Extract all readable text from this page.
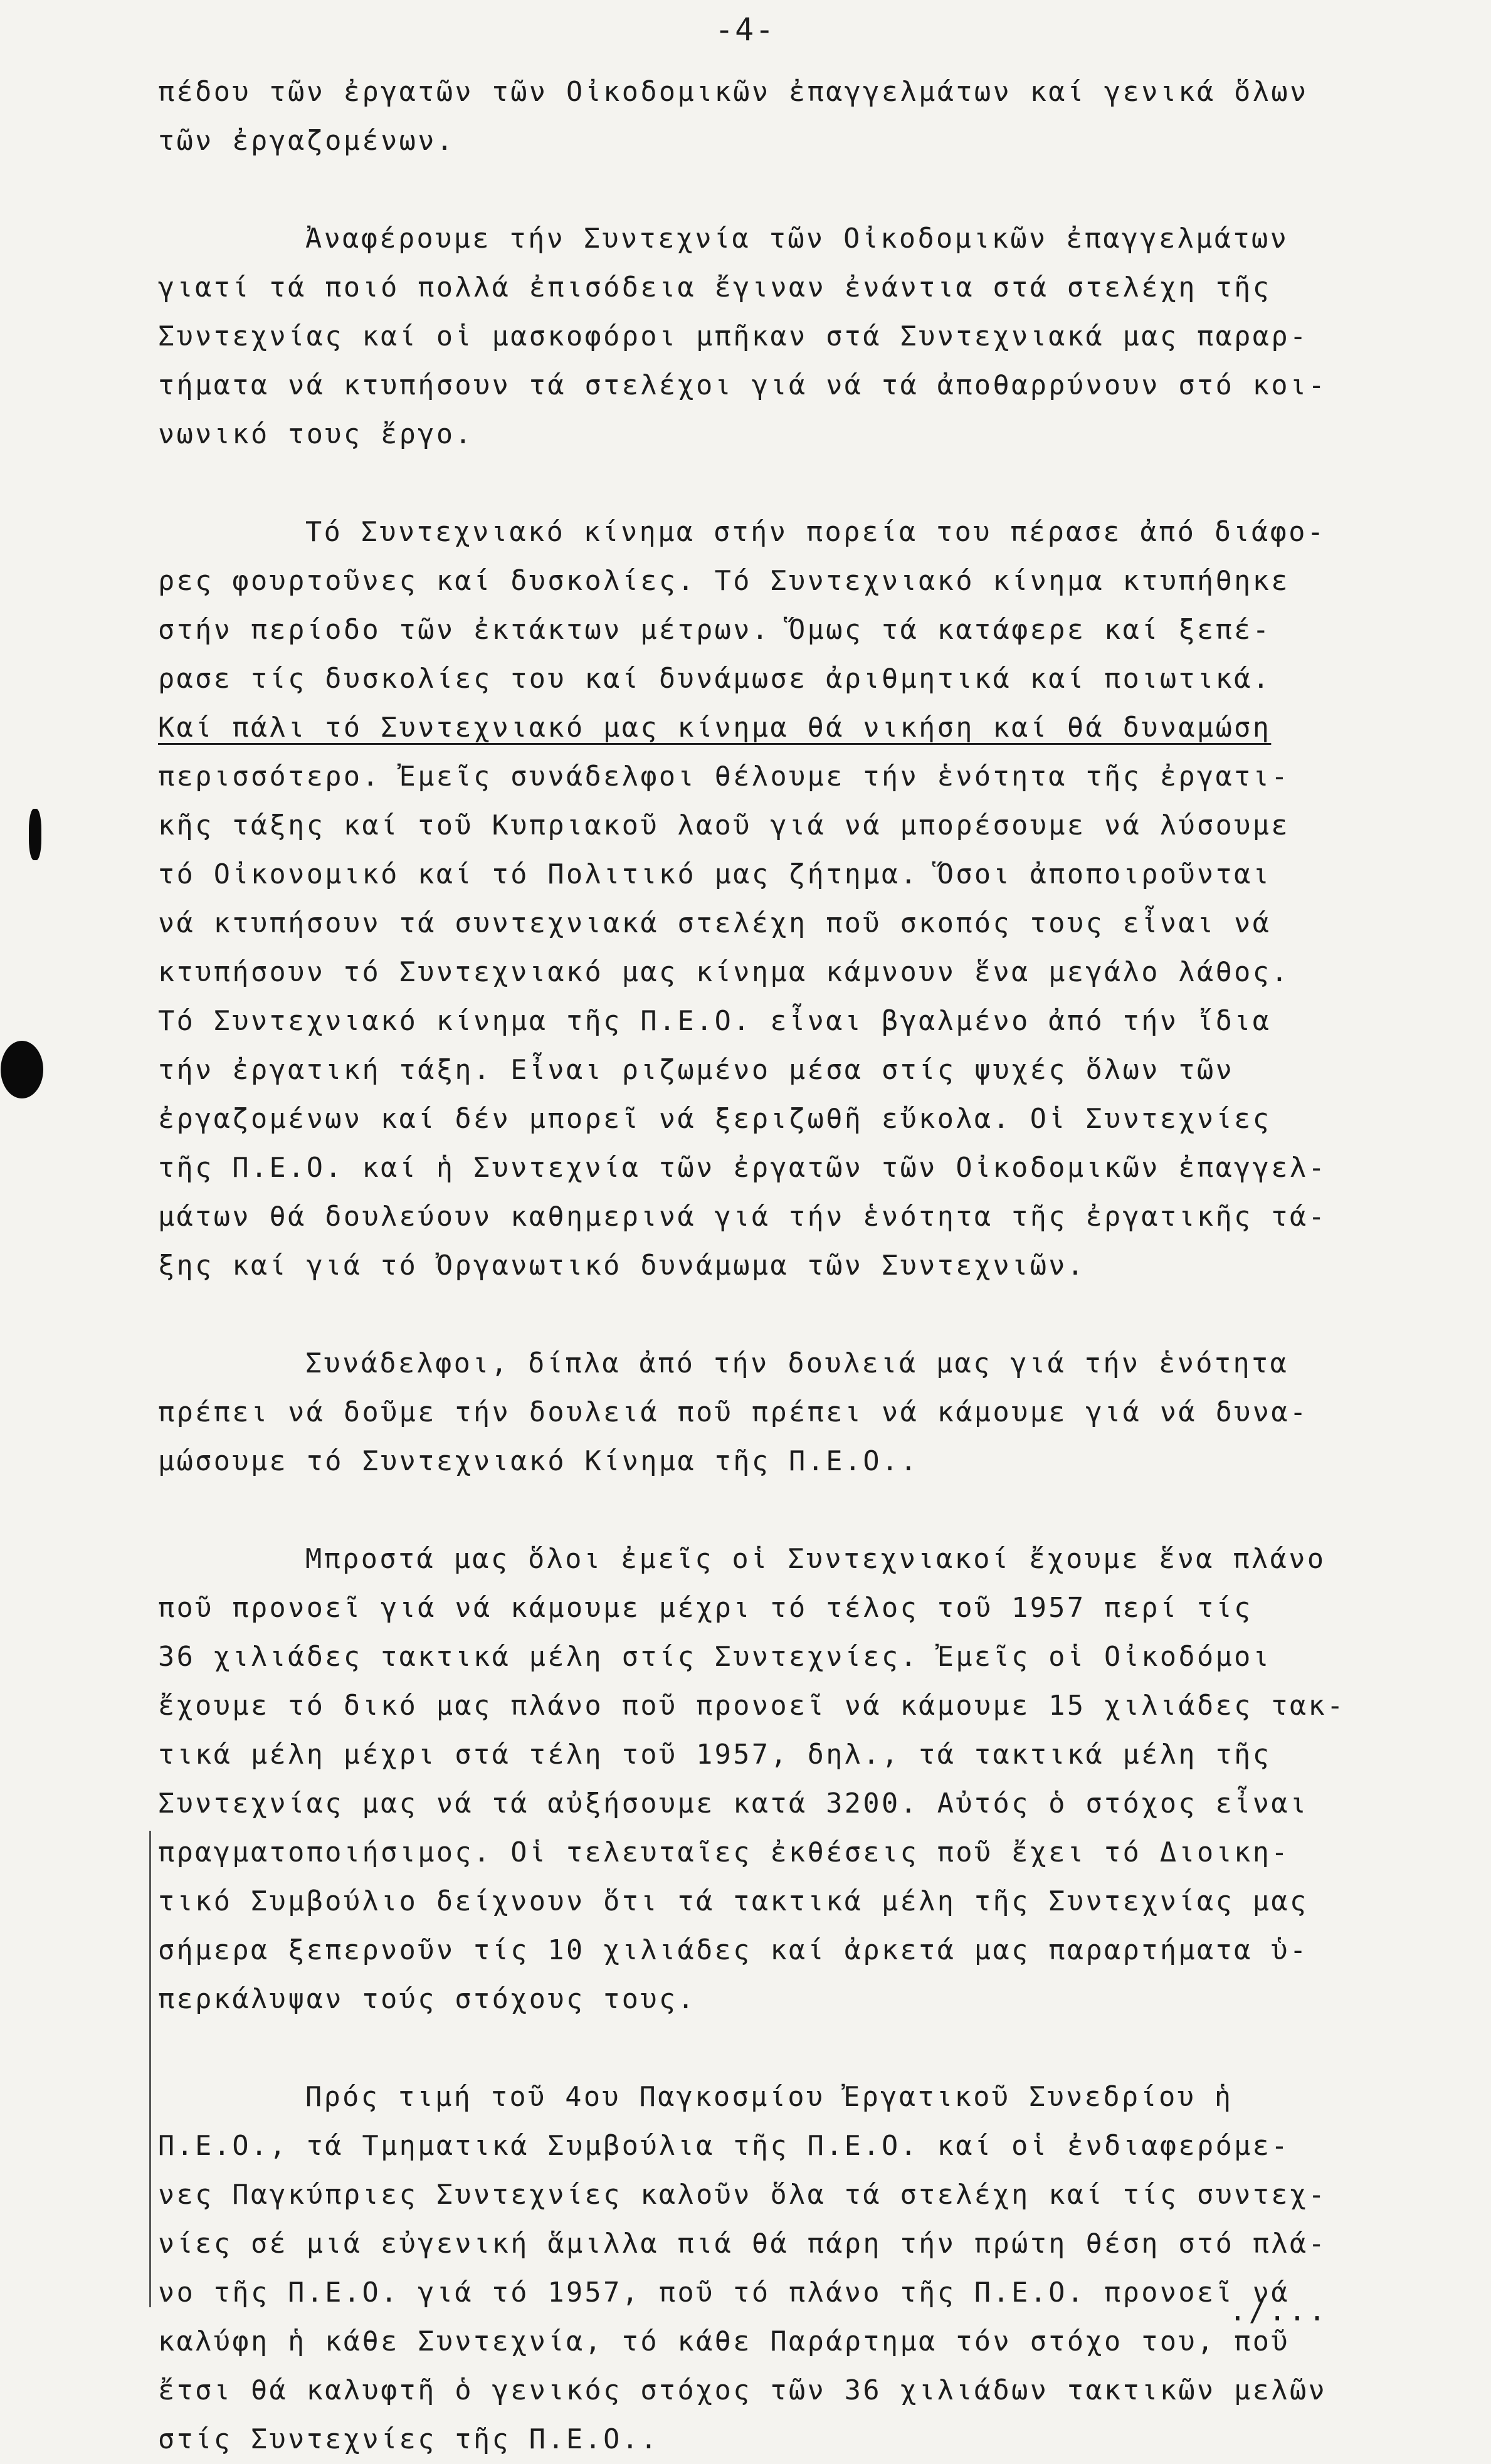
-4-
πέδου τῶν ἐργατῶν τῶν Οἰκοδομικῶν ἐπαγγελμάτων καί γενικά ὅλων
τῶν ἐργαζομένων.
Ἀναφέρουμε τήν Συντεχνία τῶν Οἰκοδομικῶν ἐπαγγελμάτων
γιατί τά ποιό πολλά ἐπισόδεια ἔγιναν ἐνάντια στά στελέχη τῆς
Συντεχνίας καί οἱ μασκοφόροι μπῆκαν στά Συντεχνιακά μας παραρ-
τήματα νά κτυπήσουν τά στελέχοι γιά νά τά ἀποθαρρύνουν στό κοι-
νωνικό τους ἔργο.
Τό Συντεχνιακό κίνημα στήν πορεία του πέρασε ἀπό διάφο-
ρες φουρτοῦνες καί δυσκολίες. Τό Συντεχνιακό κίνημα κτυπήθηκε
στήν περίοδο τῶν ἐκτάκτων μέτρων. Ὅμως τά κατάφερε καί ξεπέ-
ρασε τίς δυσκολίες του καί δυνάμωσε ἀριθμητικά καί ποιωτικά.
Καί πάλι τό Συντεχνιακό μας κίνημα θά νικήση καί θά δυναμώση
περισσότερο. Ἐμεῖς συνάδελφοι θέλουμε τήν ἑνότητα τῆς ἐργατι-
κῆς τάξης καί τοῦ Κυπριακοῦ λαοῦ γιά νά μπορέσουμε νά λύσουμε
τό Οἰκονομικό καί τό Πολιτικό μας ζήτημα. Ὅσοι ἀποποιροῦνται
νά κτυπήσουν τά συντεχνιακά στελέχη ποῦ σκοπός τους εἶναι νά
κτυπήσουν τό Συντεχνιακό μας κίνημα κάμνουν ἕνα μεγάλο λάθος.
Τό Συντεχνιακό κίνημα τῆς Π.Ε.Ο. εἶναι βγαλμένο ἀπό τήν ἴδια
τήν ἐργατική τάξη. Εἶναι ριζωμένο μέσα στίς ψυχές ὅλων τῶν
ἐργαζομένων καί δέν μπορεῖ νά ξεριζωθῆ εὔκολα. Οἱ Συντεχνίες
τῆς Π.Ε.Ο. καί ἡ Συντεχνία τῶν ἐργατῶν τῶν Οἰκοδομικῶν ἐπαγγελ-
μάτων θά δουλεύουν καθημερινά γιά τήν ἑνότητα τῆς ἐργατικῆς τά-
ξης καί γιά τό Ὀργανωτικό δυνάμωμα τῶν Συντεχνιῶν.
Συνάδελφοι, δίπλα ἀπό τήν δουλειά μας γιά τήν ἑνότητα
πρέπει νά δοῦμε τήν δουλειά ποῦ πρέπει νά κάμουμε γιά νά δυνα-
μώσουμε τό Συντεχνιακό Κίνημα τῆς Π.Ε.Ο..
Μπροστά μας ὅλοι ἐμεῖς οἱ Συντεχνιακοί ἔχουμε ἕνα πλάνο
ποῦ προνοεῖ γιά νά κάμουμε μέχρι τό τέλος τοῦ 1957 περί τίς
36 χιλιάδες τακτικά μέλη στίς Συντεχνίες. Ἐμεῖς οἱ Οἰκοδόμοι
ἔχουμε τό δικό μας πλάνο ποῦ προνοεῖ νά κάμουμε 15 χιλιάδες τακ-
τικά μέλη μέχρι στά τέλη τοῦ 1957, δηλ., τά τακτικά μέλη τῆς
Συντεχνίας μας νά τά αὐξήσουμε κατά 3200. Αὐτός ὁ στόχος εἶναι
πραγματοποιήσιμος. Οἱ τελευταῖες ἐκθέσεις ποῦ ἔχει τό Διοικη-
τικό Συμβούλιο δείχνουν ὅτι τά τακτικά μέλη τῆς Συντεχνίας μας
σήμερα ξεπερνοῦν τίς 10 χιλιάδες καί ἀρκετά μας παραρτήματα ὑ-
περκάλυψαν τούς στόχους τους.
Πρός τιμή τοῦ 4ου Παγκοσμίου Ἐργατικοῦ Συνεδρίου ἡ
Π.Ε.Ο., τά Τμηματικά Συμβούλια τῆς Π.Ε.Ο. καί οἱ ἐνδιαφερόμε-
νες Παγκύπριες Συντεχνίες καλοῦν ὅλα τά στελέχη καί τίς συντεχ-
νίες σέ μιά εὐγενική ἅμιλλα πιά θά πάρη τήν πρώτη θέση στό πλά-
νο τῆς Π.Ε.Ο. γιά τό 1957, ποῦ τό πλάνο τῆς Π.Ε.Ο. προνοεῖ νά
καλύφη ἡ κάθε Συντεχνία, τό κάθε Παράρτημα τόν στόχο του, ποῦ
ἔτσι θά καλυφτῆ ὁ γενικός στόχος τῶν 36 χιλιάδων τακτικῶν μελῶν
στίς Συντεχνίες τῆς Π.Ε.Ο..
./...
